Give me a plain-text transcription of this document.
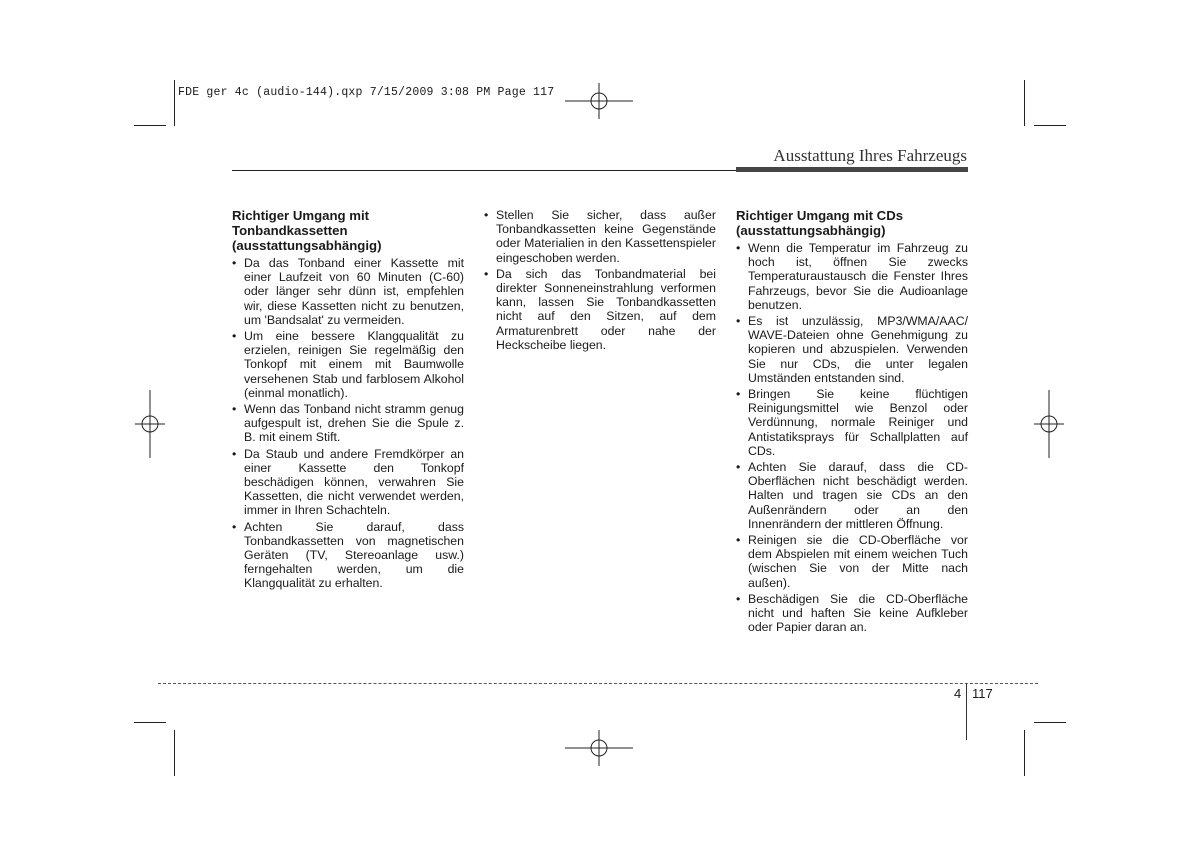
FDE ger 4c (audio-144).qxp 7/15/2009 3:08 PM Page 117
Ausstattung Ihres Fahrzeugs
Richtiger Umgang mit Tonbandkassetten (ausstattungsabhängig)
• Da das Tonband einer Kassette mit einer Laufzeit von 60 Minuten (C-60) oder länger sehr dünn ist, empfehlen wir, diese Kassetten nicht zu benutzen, um 'Bandsalat' zu vermeiden.
• Um eine bessere Klangqualität zu erzielen, reinigen Sie regelmäßig den Tonkopf mit einem mit Baumwolle versehenen Stab und farblosem Alkohol (einmal monatlich).
• Wenn das Tonband nicht stramm genug aufgespult ist, drehen Sie die Spule z. B. mit einem Stift.
• Da Staub und andere Fremdkörper an einer Kassette den Tonkopf beschädigen können, verwahren Sie Kassetten, die nicht verwendet werden, immer in Ihren Schachteln.
• Achten Sie darauf, dass Tonbandkassetten von magnetischen Geräten (TV, Stereoanlage usw.) ferngehalten werden, um die Klangqualität zu erhalten.
• Stellen Sie sicher, dass außer Tonbandkassetten keine Gegenstände oder Materialien in den Kassettenspieler eingeschoben werden.
• Da sich das Tonbandmaterial bei direkter Sonneneinstrahlung verformen kann, lassen Sie Tonbandkassetten nicht auf den Sitzen, auf dem Armaturenbrett oder nahe der Heckscheibe liegen.
Richtiger Umgang mit CDs (ausstattungsabhängig)
• Wenn die Temperatur im Fahrzeug zu hoch ist, öffnen Sie zwecks Temperaturaustausch die Fenster Ihres Fahrzeugs, bevor Sie die Audioanlage benutzen.
• Es ist unzulässig, MP3/WMA/AAC/ WAVE-Dateien ohne Genehmigung zu kopieren und abzuspielen. Verwenden Sie nur CDs, die unter legalen Umständen entstanden sind.
• Bringen Sie keine flüchtigen Reinigungsmittel wie Benzol oder Verdünnung, normale Reiniger und Antistatiksprays für Schallplatten auf CDs.
• Achten Sie darauf, dass die CD-Oberflächen nicht beschädigt werden. Halten und tragen sie CDs an den Außenrändern oder an den Innenrändern der mittleren Öffnung.
• Reinigen sie die CD-Oberfläche vor dem Abspielen mit einem weichen Tuch (wischen Sie von der Mitte nach außen).
• Beschädigen Sie die CD-Oberfläche nicht und haften Sie keine Aufkleber oder Papier daran an.
4 117
